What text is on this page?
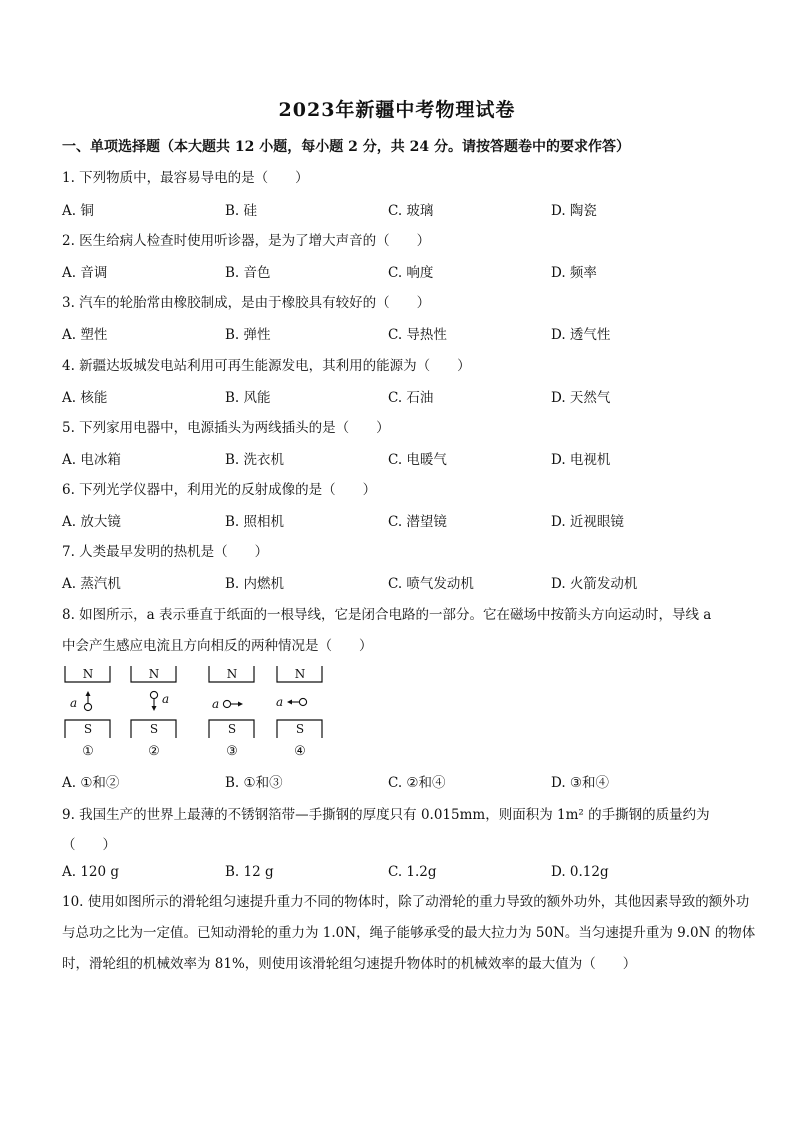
2023年新疆中考物理试卷
一、单项选择题（本大题共 12 小题，每小题 2 分，共 24 分。请按答题卷中的要求作答）
1. 下列物质中，最容易导电的是（　　）
A. 铜	B. 硅	C. 玻璃	D. 陶瓷
2. 医生给病人检查时使用听诊器，是为了增大声音的（　　）
A. 音调	B. 音色	C. 响度	D. 频率
3. 汽车的轮胎常由橡胶制成，是由于橡胶具有较好的（　　）
A. 塑性	B. 弹性	C. 导热性	D. 透气性
4. 新疆达坂城发电站利用可再生能源发电，其利用的能源为（　　）
A. 核能	B. 风能	C. 石油	D. 天然气
5. 下列家用电器中，电源插头为两线插头的是（　　）
A. 电冰箱	B. 洗衣机	C. 电暖气	D. 电视机
6. 下列光学仪器中，利用光的反射成像的是（　　）
A. 放大镜	B. 照相机	C. 潜望镜	D. 近视眼镜
7. 人类最早发明的热机是（　　）
A. 蒸汽机	B. 内燃机	C. 喷气发动机	D. 火箭发动机
8. 如图所示，a 表示垂直于纸面的一根导线，它是闭合电路的一部分。它在磁场中按箭头方向运动时，导线 a
中会产生感应电流且方向相反的两种情况是（　　）
N
a
S
①
N
a
S
②
N
a
S
③
N
a
S
④
A. ①和②	B. ①和③	C. ②和④	D. ③和④
9. 我国生产的世界上最薄的不锈钢箔带—手撕钢的厚度只有 0.015mm，则面积为 1m² 的手撕钢的质量约为
（　　）
A. 120 g	B. 12 g	C. 1.2g	D. 0.12g
10. 使用如图所示的滑轮组匀速提升重力不同的物体时，除了动滑轮的重力导致的额外功外，其他因素导致的额外功与总功之比为一定值。已知动滑轮的重力为 1.0N，绳子能够承受的最大拉力为 50N。当匀速提升重为 9.0N 的物体时，滑轮组的机械效率为 81%，则使用该滑轮组匀速提升物体时的机械效率的最大值为（　　）
